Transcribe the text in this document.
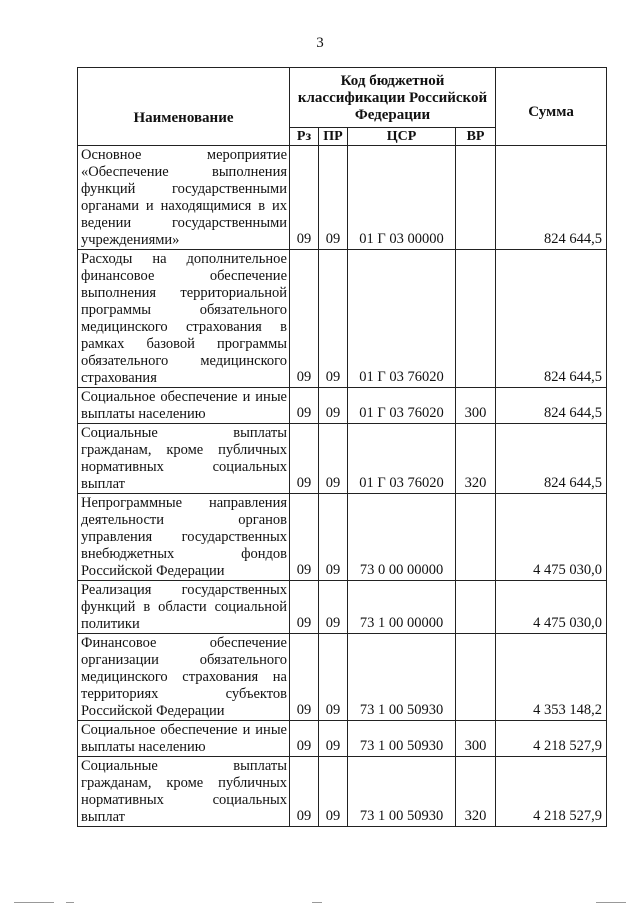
3
Наименование	Код бюджетной классификации Российской Федерации				Сумма
	Рз	ПР	ЦСР	ВР	
Основное мероприятие «Обеспечение выполнения функций государственными органами и находящимися в их ведении государственными учреждениями»	09	09	01 Г 03 00000		824 644,5
Расходы на дополнительное финансовое обеспечение выполнения территориальной программы обязательного медицинского страхования в рамках базовой программы обязательного медицинского страхования	09	09	01 Г 03 76020		824 644,5
Социальное обеспечение и иные выплаты населению	09	09	01 Г 03 76020	300	824 644,5
Социальные выплаты гражданам, кроме публичных нормативных социальных выплат	09	09	01 Г 03 76020	320	824 644,5
Непрограммные направления деятельности органов управления государственных внебюджетных фондов Российской Федерации	09	09	73 0 00 00000		4 475 030,0
Реализация государственных функций в области социальной политики	09	09	73 1 00 00000		4 475 030,0
Финансовое обеспечение организации обязательного медицинского страхования на территориях субъектов Российской Федерации	09	09	73 1 00 50930		4 353 148,2
Социальное обеспечение и иные выплаты населению	09	09	73 1 00 50930	300	4 218 527,9
Социальные выплаты гражданам, кроме публичных нормативных социальных выплат	09	09	73 1 00 50930	320	4 218 527,9
